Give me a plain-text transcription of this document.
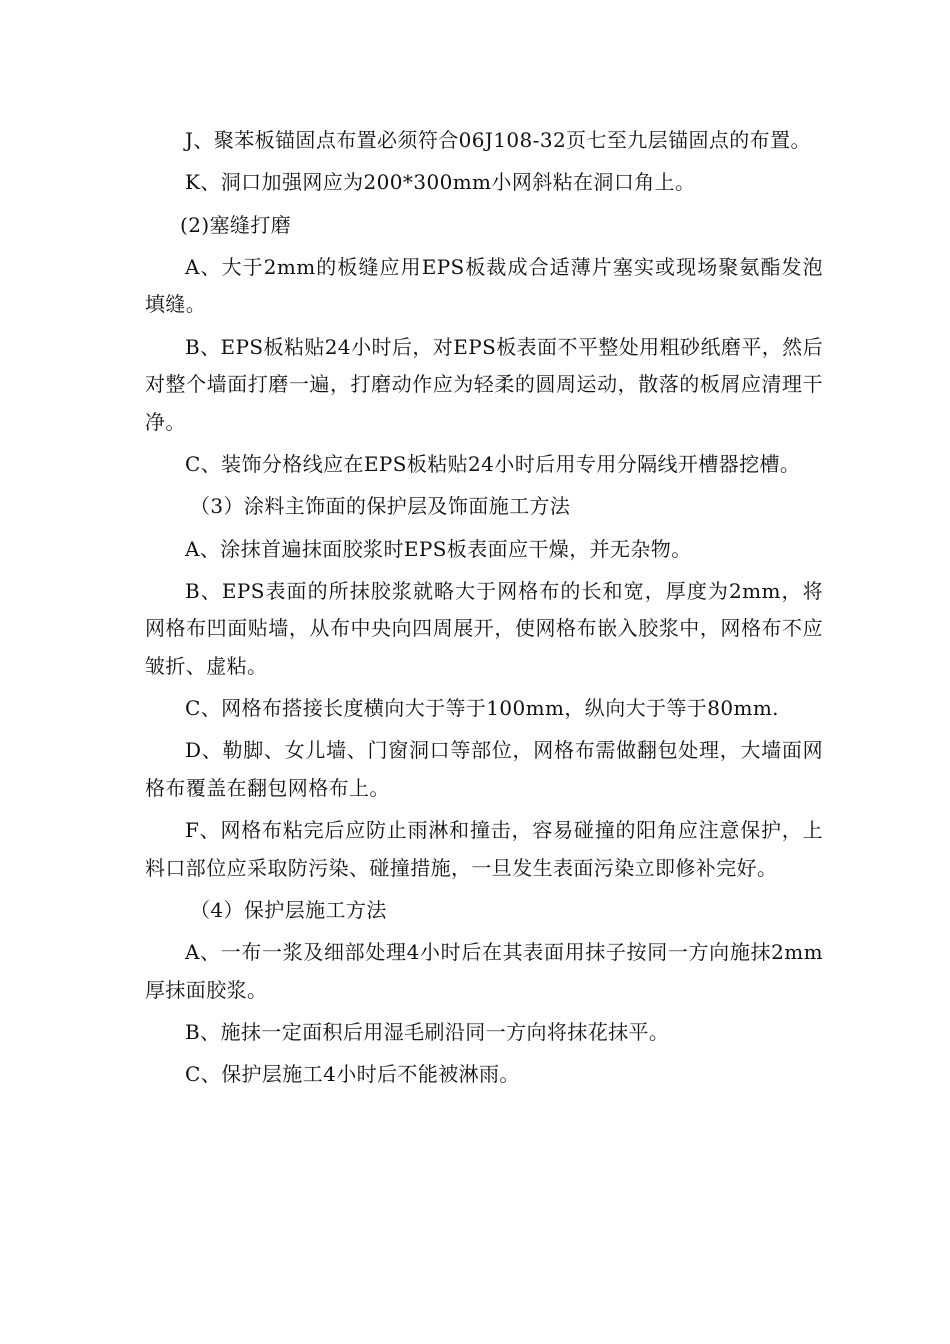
J、聚苯板锚固点布置必须符合06J108-32页七至九层锚固点的布置。

K、洞口加强网应为200*300mm小网斜粘在洞口角上。

(2)塞缝打磨

A、大于2mm的板缝应用EPS板裁成合适薄片塞实或现场聚氨酯发泡填缝。

B、EPS板粘贴24小时后，对EPS板表面不平整处用粗砂纸磨平，然后对整个墙面打磨一遍，打磨动作应为轻柔的圆周运动，散落的板屑应清理干净。

C、装饰分格线应在EPS板粘贴24小时后用专用分隔线开槽器挖槽。

（3）涂料主饰面的保护层及饰面施工方法

A、涂抹首遍抹面胶浆时EPS板表面应干燥，并无杂物。

B、EPS表面的所抹胶浆就略大于网格布的长和宽，厚度为2mm，将网格布凹面贴墙，从布中央向四周展开，使网格布嵌入胶浆中，网格布不应皱折、虚粘。

C、网格布搭接长度横向大于等于100mm，纵向大于等于80mm.

D、勒脚、女儿墙、门窗洞口等部位，网格布需做翻包处理，大墙面网格布覆盖在翻包网格布上。

F、网格布粘完后应防止雨淋和撞击，容易碰撞的阳角应注意保护，上料口部位应采取防污染、碰撞措施，一旦发生表面污染立即修补完好。

（4）保护层施工方法

A、一布一浆及细部处理4小时后在其表面用抹子按同一方向施抹2mm厚抹面胶浆。

B、施抹一定面积后用湿毛刷沿同一方向将抹花抹平。

C、保护层施工4小时后不能被淋雨。
